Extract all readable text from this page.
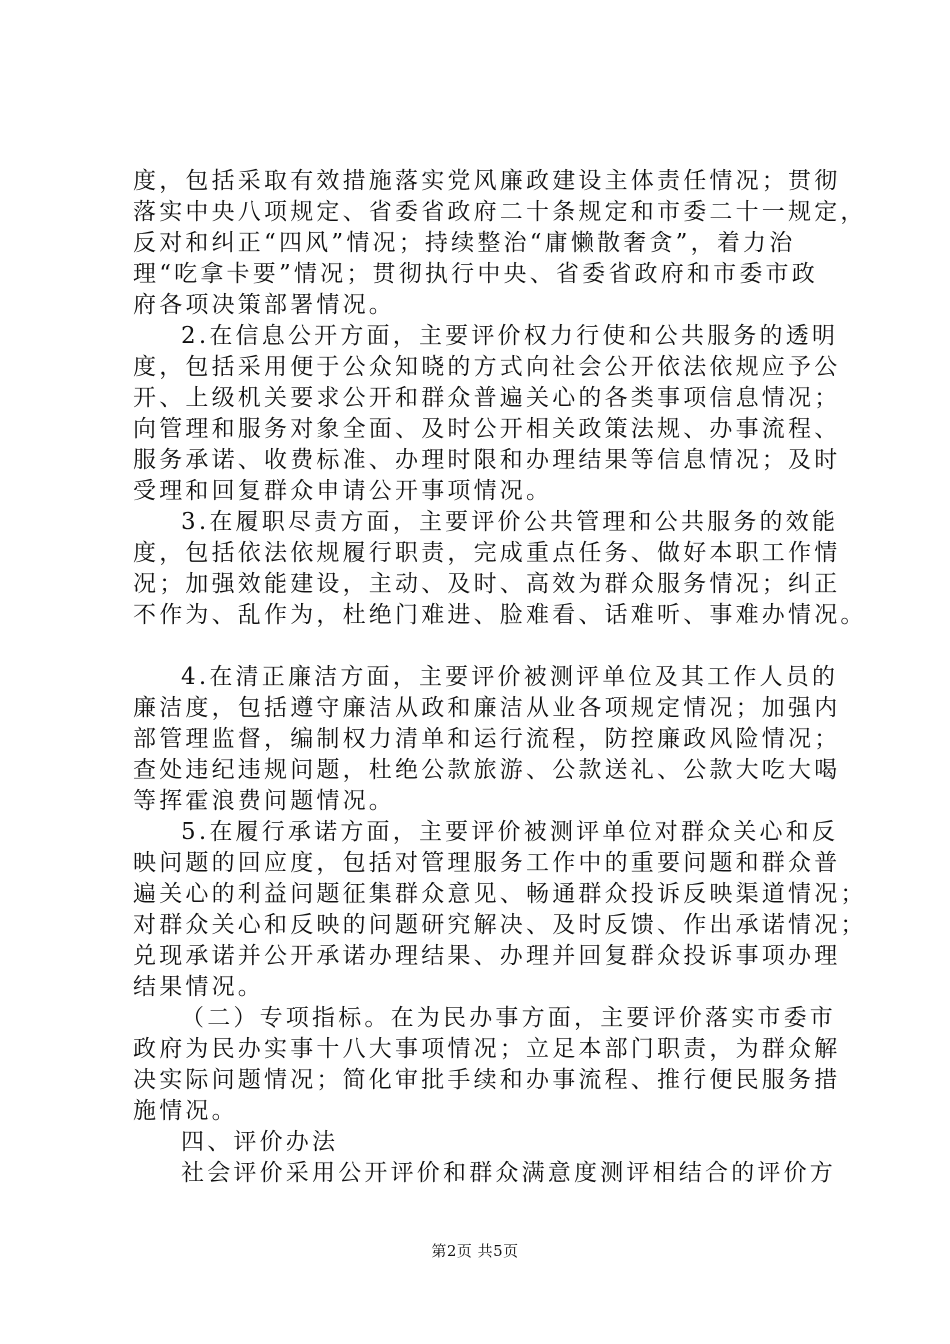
度，包括采取有效措施落实党风廉政建设主体责任情况；贯彻
落实中央八项规定、省委省政府二十条规定和市委二十一规定，
反对和纠正“四风”情况；持续整治“庸懒散奢贪”，着力治
理“吃拿卡要”情况；贯彻执行中央、省委省政府和市委市政
府各项决策部署情况。
2.在信息公开方面，主要评价权力行使和公共服务的透明
度，包括采用便于公众知晓的方式向社会公开依法依规应予公
开、上级机关要求公开和群众普遍关心的各类事项信息情况；
向管理和服务对象全面、及时公开相关政策法规、办事流程、
服务承诺、收费标准、办理时限和办理结果等信息情况；及时
受理和回复群众申请公开事项情况。
3.在履职尽责方面，主要评价公共管理和公共服务的效能
度，包括依法依规履行职责，完成重点任务、做好本职工作情
况；加强效能建设，主动、及时、高效为群众服务情况；纠正
不作为、乱作为，杜绝门难进、脸难看、话难听、事难办情况。
4.在清正廉洁方面，主要评价被测评单位及其工作人员的
廉洁度，包括遵守廉洁从政和廉洁从业各项规定情况；加强内
部管理监督，编制权力清单和运行流程，防控廉政风险情况；
查处违纪违规问题，杜绝公款旅游、公款送礼、公款大吃大喝
等挥霍浪费问题情况。
5.在履行承诺方面，主要评价被测评单位对群众关心和反
映问题的回应度，包括对管理服务工作中的重要问题和群众普
遍关心的利益问题征集群众意见、畅通群众投诉反映渠道情况；
对群众关心和反映的问题研究解决、及时反馈、作出承诺情况；
兑现承诺并公开承诺办理结果、办理并回复群众投诉事项办理
结果情况。
（二）专项指标。在为民办事方面，主要评价落实市委市
政府为民办实事十八大事项情况；立足本部门职责，为群众解
决实际问题情况；简化审批手续和办事流程、推行便民服务措
施情况。
四、评价办法
社会评价采用公开评价和群众满意度测评相结合的评价方
第2页 共5页
